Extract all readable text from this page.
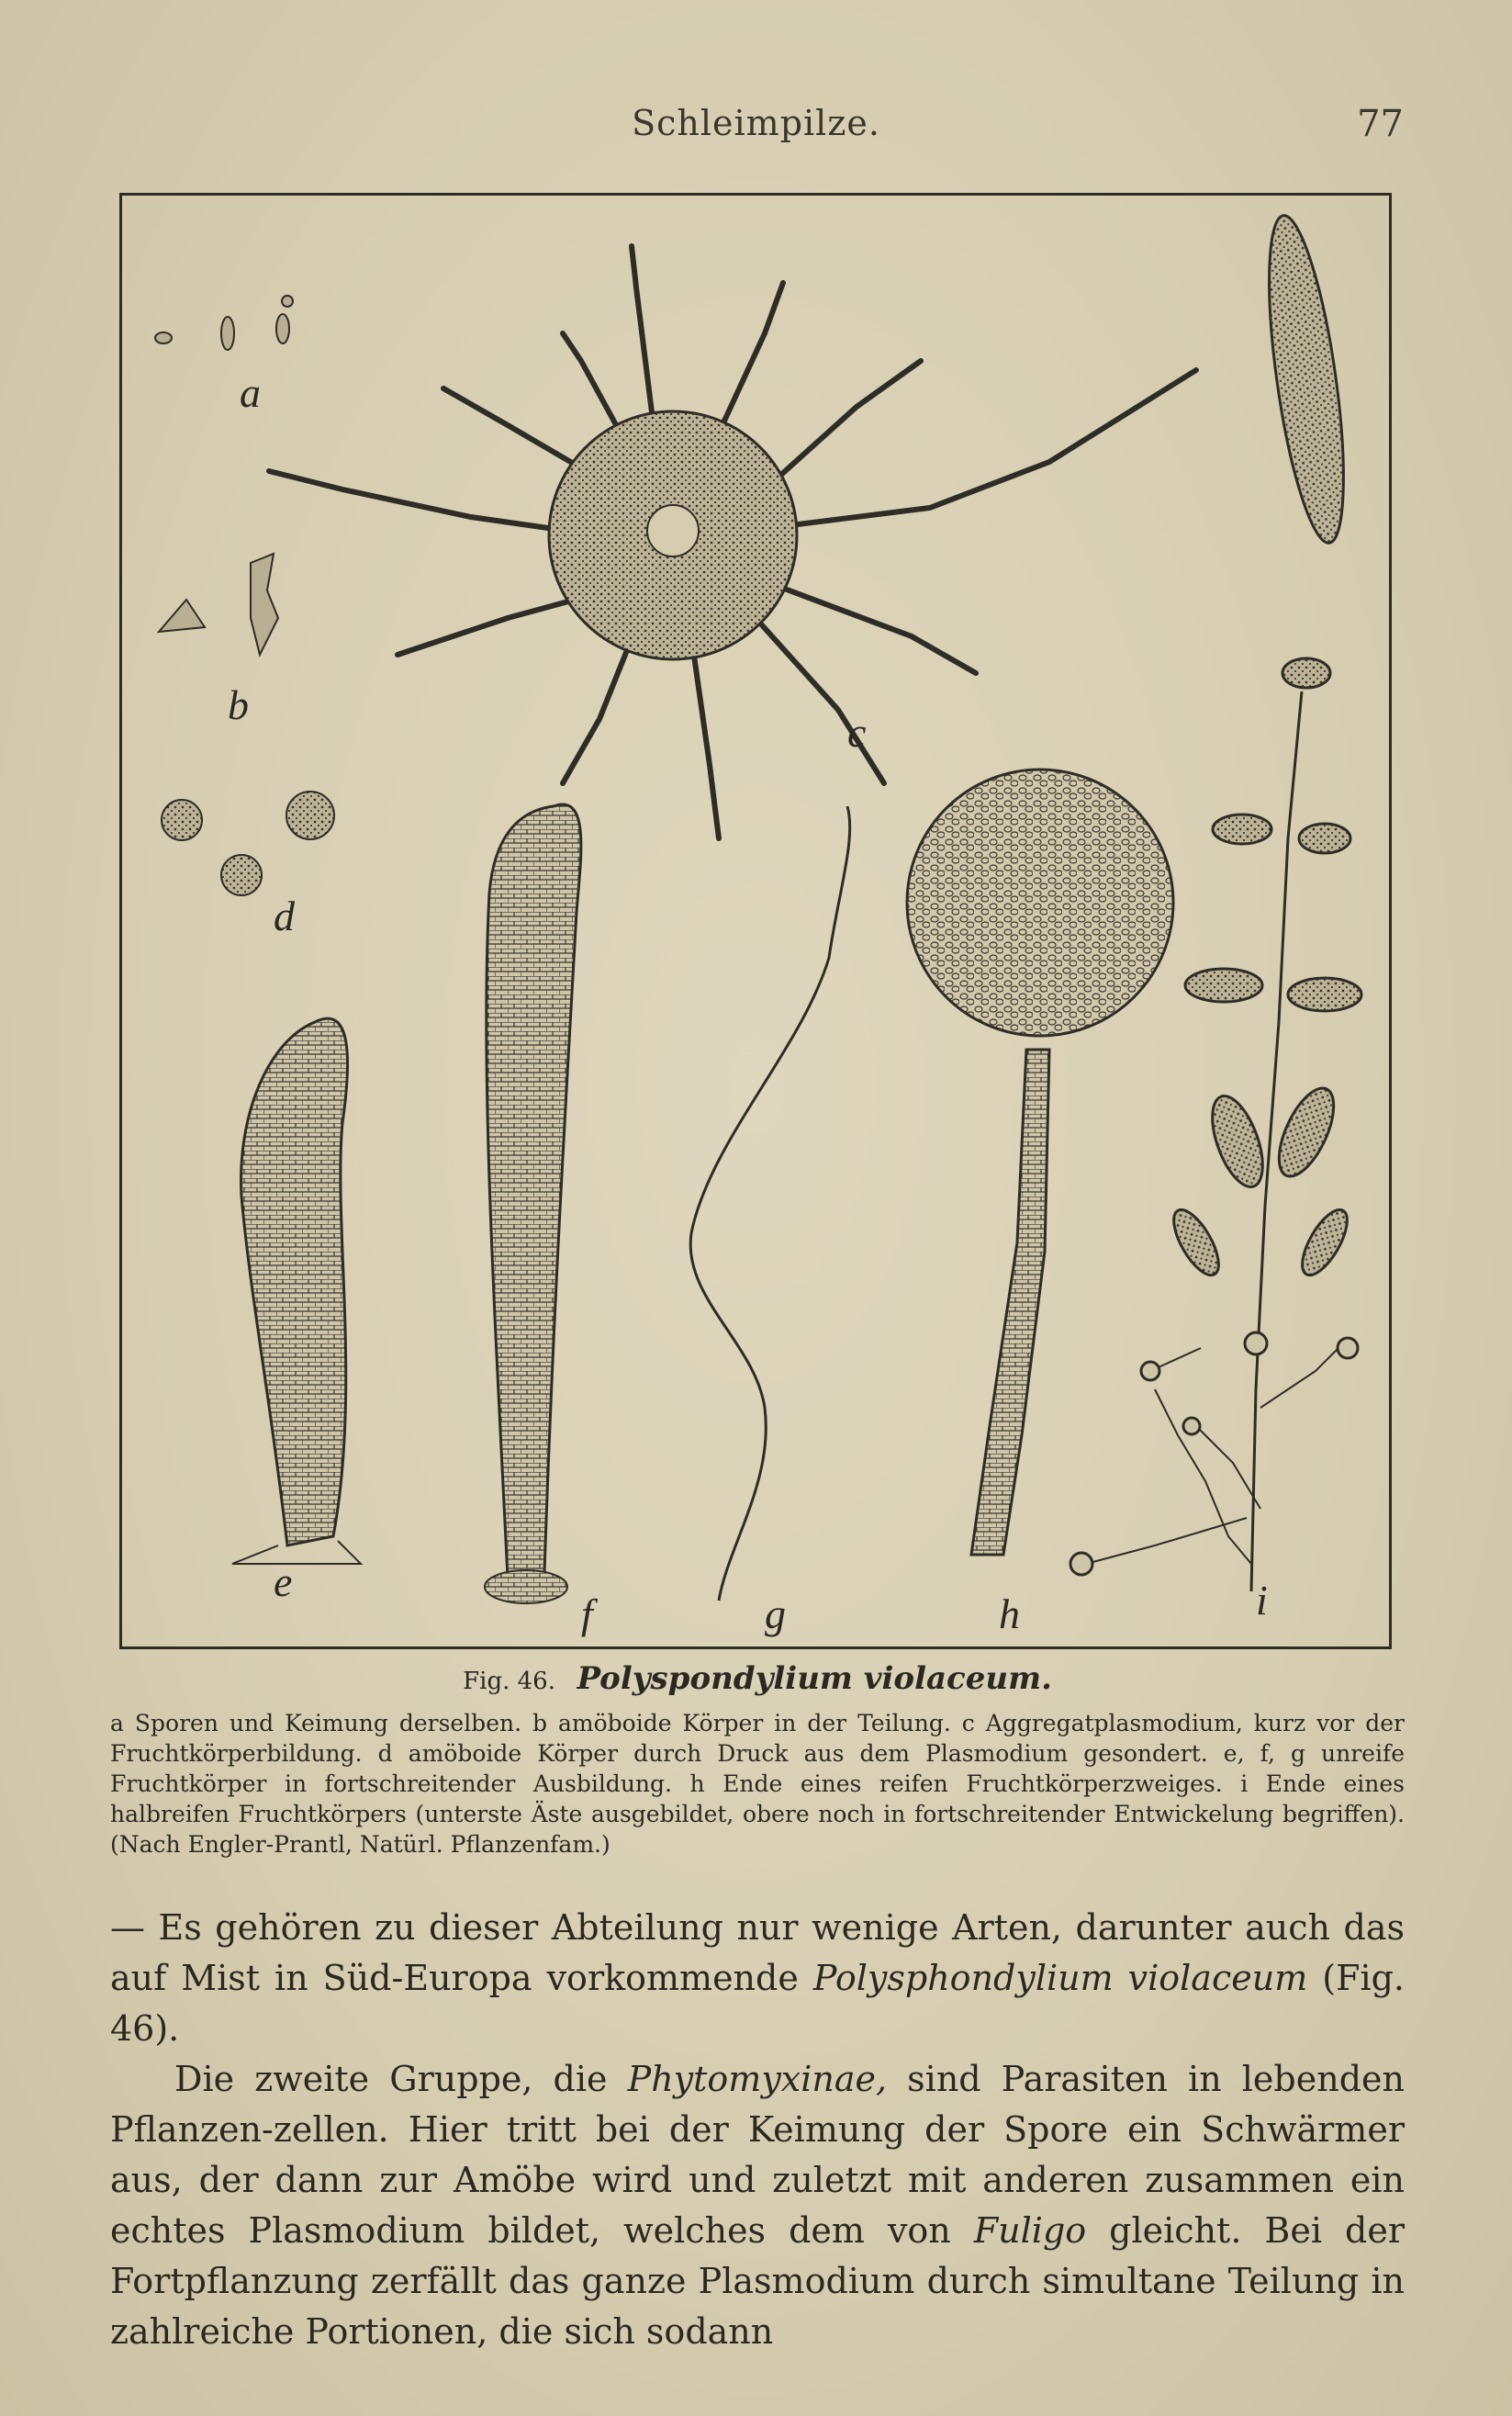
Schleimpilze.	77
a
b
c
d
e
f	g	h	i
Fig. 46. Polyspondylium violaceum.
a Sporen und Keimung derselben. b amöboide Körper in der Teilung. c Aggregatplasmodium, kurz vor der Fruchtkörperbildung. d amöboide Körper durch Druck aus dem Plasmodium gesondert. e, f, g unreife Fruchtkörper in fortschreitender Ausbildung. h Ende eines reifen Fruchtkörperzweiges. i Ende eines halbreifen Fruchtkörpers (unterste Äste ausgebildet, obere noch in fortschreitender Entwickelung begriffen). (Nach Engler-Prantl, Natürl. Pflanzenfam.)

— Es gehören zu dieser Abteilung nur wenige Arten, darunter auch das auf Mist in Süd-Europa vorkommende Polysphondylium violaceum (Fig. 46).

Die zweite Gruppe, die Phytomyxinae, sind Parasiten in lebenden Pflanzen-zellen. Hier tritt bei der Keimung der Spore ein Schwärmer aus, der dann zur Amöbe wird und zuletzt mit anderen zusammen ein echtes Plasmodium bildet, welches dem von Fuligo gleicht. Bei der Fortpflanzung zerfällt das ganze Plasmodium durch simultane Teilung in zahlreiche Portionen, die sich sodann
